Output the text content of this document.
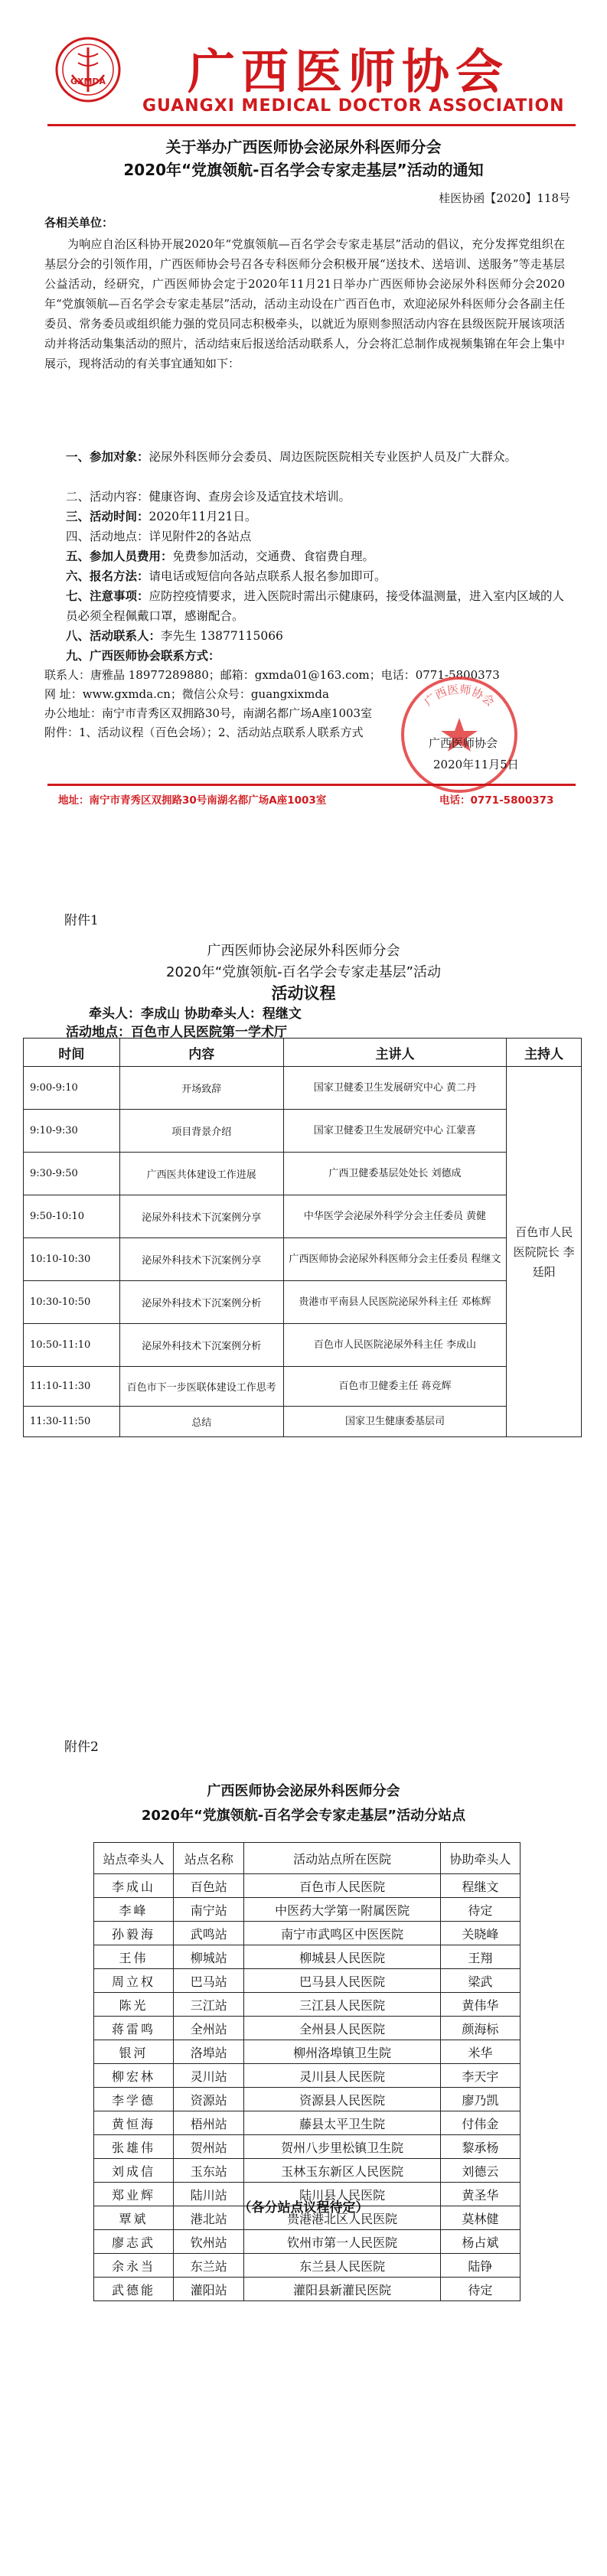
GXMDA 广西医师协会
GUANGXI MEDICAL DOCTOR ASSOCIATION
关于举办广西医师协会泌尿外科医师分会
2020年“党旗领航-百名学会专家走基层”活动的通知
桂医协函【2020】118号
各相关单位：
为响应自治区科协开展2020年“党旗领航—百名学会专家走基层”活动的倡议，充分发挥党组织在基层分会的引领作用，广西医师协会号召各专科医师分会积极开展“送技术、送培训、送服务”等走基层公益活动，经研究，广西医师协会定于2020年11月21日举办广西医师协会泌尿外科医师分会2020年“党旗领航—百名学会专家走基层”活动，活动主动设在广西百色市，欢迎泌尿外科医师分会各副主任委员、常务委员或组织能力强的党员同志积极牵头，以就近为原则参照活动内容在县级医院开展该项活动并将活动集集活动的照片，活动结束后报送给活动联系人，分会将汇总制作成视频集锦在年会上集中展示，现将活动的有关事宜通知如下：
一、参加对象：泌尿外科医师分会委员、周边医院医院相关专业医护人员及广大群众。
二、活动内容：健康咨询、查房会诊及适宜技术培训。
三、活动时间：2020年11月21日。
四、活动地点：详见附件2的各站点
五、参加人员费用：免费参加活动，交通费、食宿费自理。
六、报名方法：请电话或短信向各站点联系人报名参加即可。
七、注意事项：应防控疫情要求，进入医院时需出示健康码，接受体温测量，进入室内区域的人员必须全程佩戴口罩，感谢配合。
八、活动联系人：李先生 13877115066
九、广西医师协会联系方式：
联系人：唐雅晶 18977289880；邮箱：gxmda01@163.com；电话：0771-5800373
网 址：www.gxmda.cn；微信公众号：guangxixmda
办公地址：南宁市青秀区双拥路30号，南湖名都广场A座1003室
附件：1、活动议程（百色会场）；2、活动站点联系人联系方式
广西医师协会
广西医师协会
2020年11月5日
地址：南宁市青秀区双拥路30号南湖名都广场A座1003室	电话：0771-5800373
附件1
广西医师协会泌尿外科医师分会
2020年“党旗领航-百名学会专家走基层”活动
活动议程
牵头人：李成山 协助牵头人：程继文
活动地点：百色市人民医院第一学术厅
时间	内容	主讲人	主持人
9:00-9:10	开场致辞	国家卫健委卫生发展研究中心 黄二丹	百色市人民医院院长 李廷阳
9:10-9:30	项目背景介绍	国家卫健委卫生发展研究中心 江蒙喜	
9:30-9:50	广西医共体建设工作进展	广西卫健委基层处处长 刘德成	
9:50-10:10	泌尿外科技术下沉案例分享	中华医学会泌尿外科学分会主任委员 黄健	
10:10-10:30	泌尿外科技术下沉案例分享	广西医师协会泌尿外科医师分会主任委员 程继文	
10:30-10:50	泌尿外科技术下沉案例分析	贵港市平南县人民医院泌尿外科主任 邓栋辉	
10:50-11:10	泌尿外科技术下沉案例分析	百色市人民医院泌尿外科主任 李成山	
11:10-11:30	百色市下一步医联体建设工作思考	百色市卫健委主任 蒋竞辉	
11:30-11:50	总结	国家卫生健康委基层司	
附件2
广西医师协会泌尿外科医师分会
2020年“党旗领航-百名学会专家走基层”活动分站点
站点牵头人	站点名称	活动站点所在医院	协助牵头人
李成山	百色站	百色市人民医院	程继文
李峰	南宁站	中医药大学第一附属医院	待定
孙毅海	武鸣站	南宁市武鸣区中医医院	关晓峰
王伟	柳城站	柳城县人民医院	王翔
周立权	巴马站	巴马县人民医院	梁武
陈光	三江站	三江县人民医院	黄伟华
蒋雷鸣	全州站	全州县人民医院	颜海标
银河	洛埠站	柳州洛埠镇卫生院	米华
柳宏林	灵川站	灵川县人民医院	李天宇
李学德	资源站	资源县人民医院	廖乃凯
黄恒海	梧州站	藤县太平卫生院	付伟金
张雄伟	贺州站	贺州八步里松镇卫生院	黎承杨
刘成信	玉东站	玉林玉东新区人民医院	刘德云
郑业辉	陆川站	陆川县人民医院	黄圣华
覃斌	港北站	贵港港北区人民医院	莫林健
廖志武	钦州站	钦州市第一人民医院	杨占斌
余永当	东兰站	东兰县人民医院	陆铮
武德能	灌阳站	灌阳县新灌民医院	待定
（各分站点议程待定）
